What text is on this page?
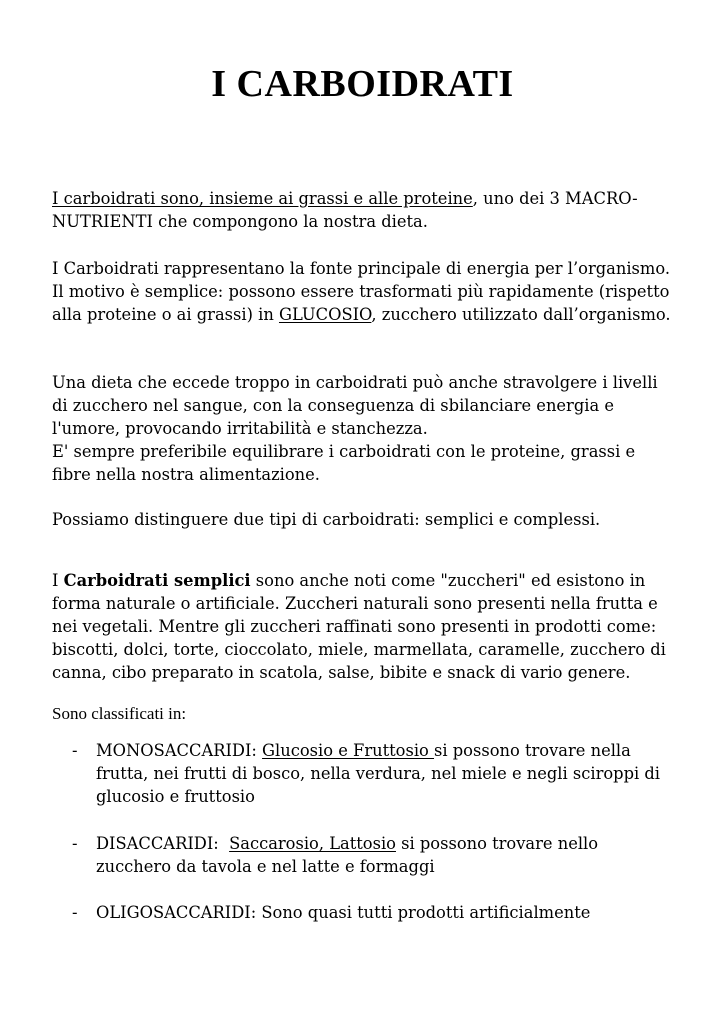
I CARBOIDRATI

I carboidrati sono, insieme ai grassi e alle proteine, uno dei 3 MACRO-NUTRIENTI che compongono la nostra dieta.

I Carboidrati rappresentano la fonte principale di energia per l’organismo. Il motivo è semplice: possono essere trasformati più rapidamente (rispetto alla proteine o ai grassi) in GLUCOSIO, zucchero utilizzato dall’organismo.

Una dieta che eccede troppo in carboidrati può anche stravolgere i livelli di zucchero nel sangue, con la conseguenza di sbilanciare energia e l'umore, provocando irritabilità e stanchezza.
E' sempre preferibile equilibrare i carboidrati con le proteine, grassi e fibre nella nostra alimentazione.

Possiamo distinguere due tipi di carboidrati: semplici e complessi.

I Carboidrati semplici sono anche noti come "zuccheri" ed esistono in forma naturale o artificiale. Zuccheri naturali sono presenti nella frutta e nei vegetali. Mentre gli zuccheri raffinati sono presenti in prodotti come: biscotti, dolci, torte, cioccolato, miele, marmellata, caramelle, zucchero di canna, cibo preparato in scatola, salse, bibite e snack di vario genere.

Sono classificati in:

- MONOSACCARIDI: Glucosio e Fruttosio si possono trovare nella frutta, nei frutti di bosco, nella verdura, nel miele e negli sciroppi di glucosio e fruttosio
- DISACCARIDI:  Saccarosio, Lattosio si possono trovare nello zucchero da tavola e nel latte e formaggi
- OLIGOSACCARIDI: Sono quasi tutti prodotti artificialmente
